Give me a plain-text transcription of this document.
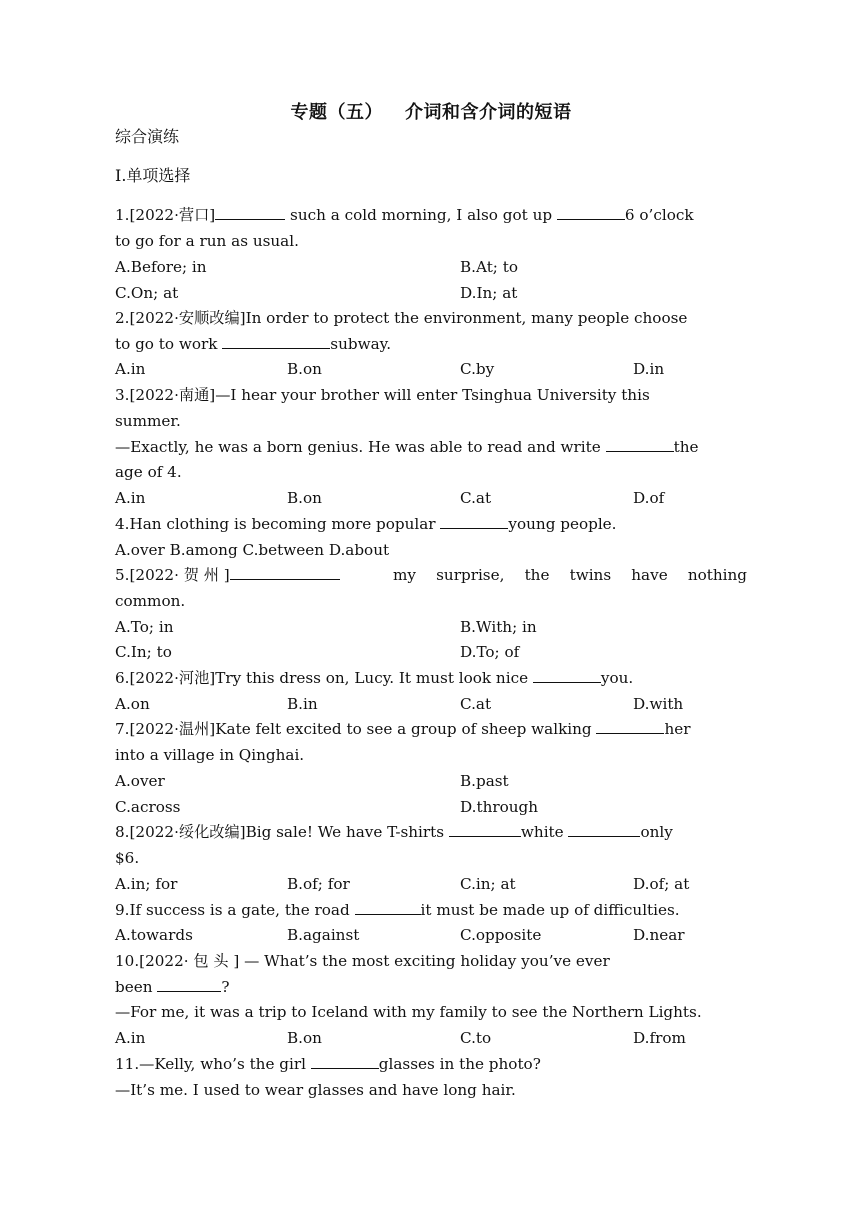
专题（五） 介词和含介词的短语
综合演练
Ⅰ.单项选择
1.[2022·营口]	such a cold morning, I also got up	6 o’clock
to go for a run as usual.
A.Before; in	B.At; to
C.On; at	D.In; at
2.[2022·安顺改编]In order to protect the environment, many people choose
to go to work	subway.
A.in	B.on	C.by	D.in
3.[2022·南通]—I hear your brother will enter Tsinghua University this
summer.
—Exactly, he was a born genius. He was able to read and write	the
age of 4.
A.in	B.on	C.at	D.of
4.Han clothing is becoming more popular	young people.
A.over B.among C.between D.about
5.[2022· 贺 州 ]	my surprise, the twins have nothing
common.
A.To; in	B.With; in
C.In; to	D.To; of
6.[2022·河池]Try this dress on, Lucy. It must look nice	you.
A.on	B.in	C.at	D.with
7.[2022·温州]Kate felt excited to see a group of sheep walking	her
into a village in Qinghai.
A.over	B.past
C.across	D.through
8.[2022·绥化改编]Big sale! We have T-shirts	white	only
$6.
A.in; for	B.of; for	C.in; at	D.of; at
9.If success is a gate, the road	it must be made up of difficulties.
A.towards	B.against	C.opposite	D.near
10.[2022· 包 头 ] — What’s the most exciting holiday you’ve ever
been	?
—For me, it was a trip to Iceland with my family to see the Northern Lights.
A.in	B.on	C.to	D.from
11.—Kelly, who’s the girl	glasses in the photo?
—It’s me. I used to wear glasses and have long hair.
